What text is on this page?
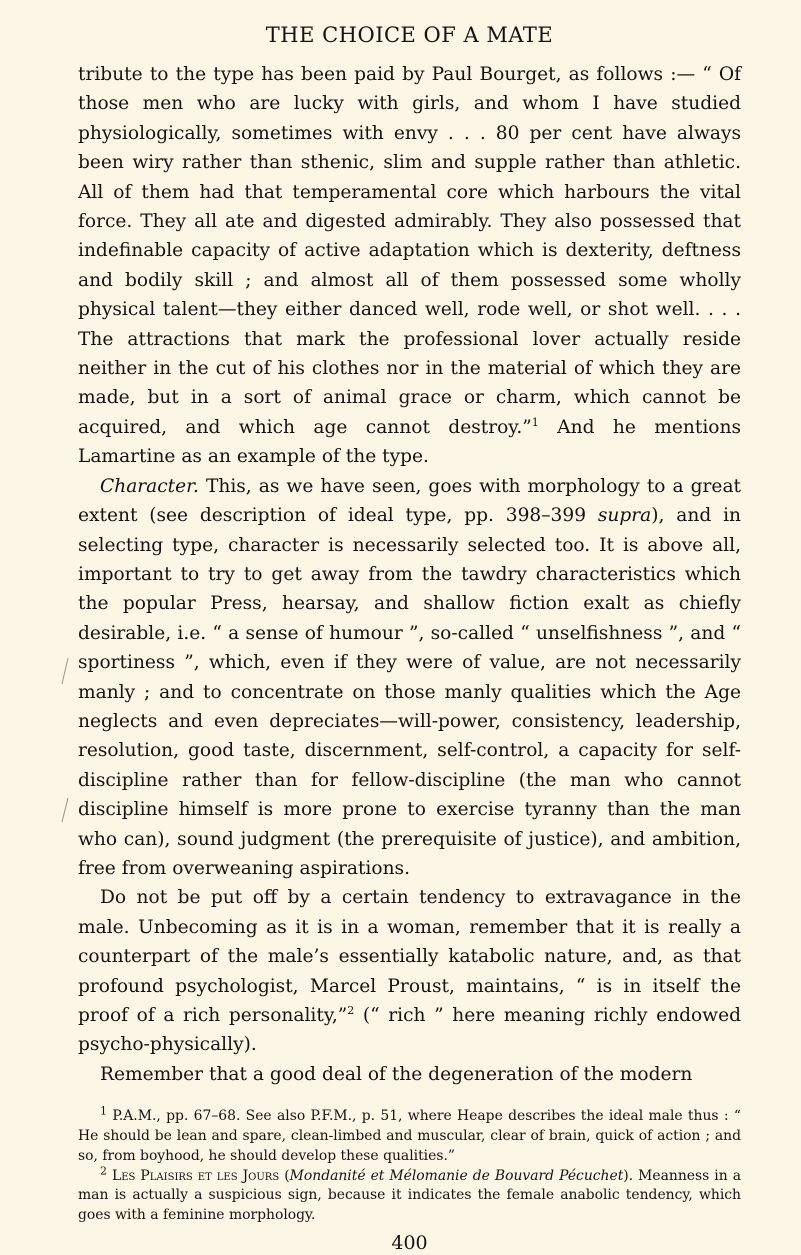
THE CHOICE OF A MATE

tribute to the type has been paid by Paul Bourget, as follows :— “ Of those men who are lucky with girls, and whom I have studied physiologically, sometimes with envy . . . 80 per cent have always been wiry rather than sthenic, slim and supple rather than athletic. All of them had that temperamental core which harbours the vital force. They all ate and digested admirably. They also possessed that indefinable capacity of active adaptation which is dexterity, deftness and bodily skill ; and almost all of them possessed some wholly physical talent—they either danced well, rode well, or shot well. . . . The attractions that mark the professional lover actually reside neither in the cut of his clothes nor in the material of which they are made, but in a sort of animal grace or charm, which cannot be acquired, and which age cannot destroy.”$^1$ And he mentions Lamartine as an example of the type.

Character. This, as we have seen, goes with morphology to a great extent (see description of ideal type, pp. 398–399 supra), and in selecting type, character is necessarily selected too. It is above all, important to try to get away from the tawdry characteristics which the popular Press, hearsay, and shallow fiction exalt as chiefly desirable, i.e. “ a sense of humour ”, so-called “ unselfishness ”, and “ sportiness ”, which, even if they were of value, are not necessarily manly ; and to concentrate on those manly qualities which the Age neglects and even depreciates—will-power, consistency, leadership, resolution, good taste, discernment, self-control, a capacity for self-discipline rather than for fellow-discipline (the man who cannot discipline himself is more prone to exercise tyranny than the man who can), sound judgment (the prerequisite of justice), and ambition, free from overweaning aspirations.

Do not be put off by a certain tendency to extravagance in the male. Unbecoming as it is in a woman, remember that it is really a counterpart of the male’s essentially katabolic nature, and, as that profound psychologist, Marcel Proust, maintains, “ is in itself the proof of a rich personality,”$^2$ (“ rich ” here meaning richly endowed psycho-physically).

Remember that a good deal of the degeneration of the modern

$^1$ P.A.M., pp. 67–68. See also P.F.M., p. 51, where Heape describes the ideal male thus : “ He should be lean and spare, clean-limbed and muscular, clear of brain, quick of action ; and so, from boyhood, he should develop these qualities.”

$^2$ Les Plaisirs et les Jours (Mondanité et Mélomanie de Bouvard Pécuchet). Meanness in a man is actually a suspicious sign, because it indicates the female anabolic tendency, which goes with a feminine morphology.

400
